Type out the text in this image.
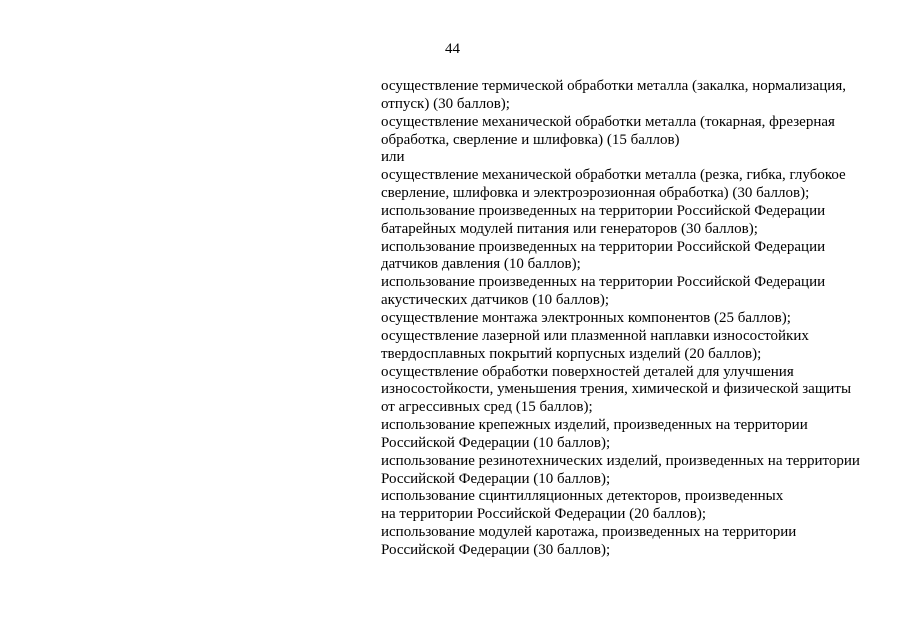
44
осуществление термической обработки металла (закалка, нормализация,
отпуск) (30 баллов);
осуществление механической обработки металла (токарная, фрезерная
обработка, сверление и шлифовка) (15 баллов)
или
осуществление механической обработки металла (резка, гибка, глубокое
сверление, шлифовка и электроэрозионная обработка) (30 баллов);
использование произведенных на территории Российской Федерации
батарейных модулей питания или генераторов (30 баллов);
использование произведенных на территории Российской Федерации
датчиков давления (10 баллов);
использование произведенных на территории Российской Федерации
акустических датчиков (10 баллов);
осуществление монтажа электронных компонентов (25 баллов);
осуществление лазерной или плазменной наплавки износостойких
твердосплавных покрытий корпусных изделий (20 баллов);
осуществление обработки поверхностей деталей для улучшения
износостойкости, уменьшения трения, химической и физической защиты
от агрессивных сред (15 баллов);
использование крепежных изделий, произведенных на территории
Российской Федерации (10 баллов);
использование резинотехнических изделий, произведенных на территории
Российской Федерации (10 баллов);
использование сцинтилляционных детекторов, произведенных
на территории Российской Федерации (20 баллов);
использование модулей каротажа, произведенных на территории
Российской Федерации (30 баллов);
